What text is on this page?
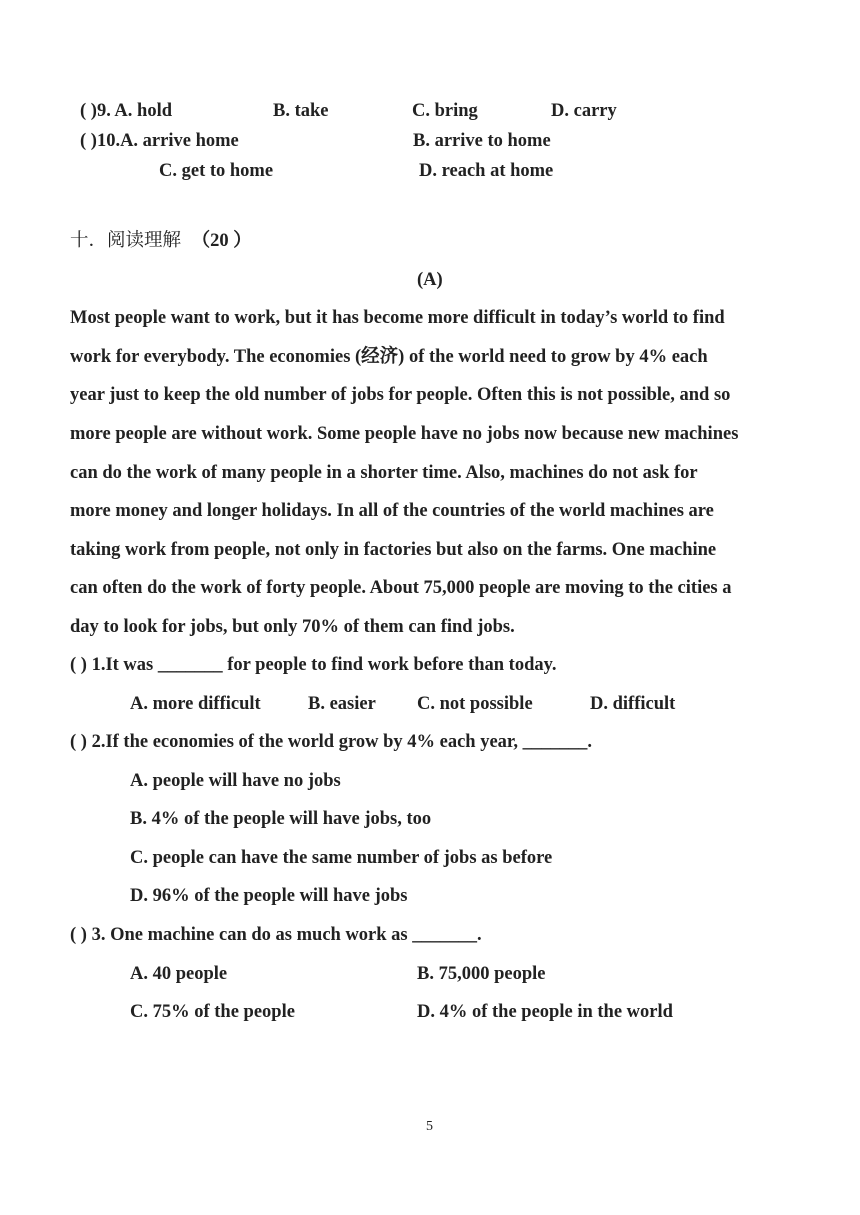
( )9. A. hold	B. take	C. bring	D. carry
( )10.A. arrive home	B. arrive to home
C. get to home	D. reach at home
十．阅读理解 （20 ）
(A)
Most people want to work, but it has become more difficult in today’s world to find
work for everybody. The economies (经济) of the world need to grow by 4% each
year just to keep the old number of jobs for people. Often this is not possible, and so
more people are without work. Some people have no jobs now because new machines
can do the work of many people in a shorter time. Also, machines do not ask for
more money and longer holidays. In all of the countries of the world machines are
taking work from people, not only in factories but also on the farms. One machine
can often do the work of forty people. About 75,000 people are moving to the cities a
day to look for jobs, but only 70% of them can find jobs.
( ) 1.It was _______ for people to find work before than today.
A. more difficult	B. easier C. not possible	D. difficult
( ) 2.If the economies of the world grow by 4% each year, _______.
A. people will have no jobs
B. 4% of the people will have jobs, too
C. people can have the same number of jobs as before
D. 96% of the people will have jobs
( ) 3. One machine can do as much work as _______.
A. 40 people	B. 75,000 people
C. 75% of the people	D. 4% of the people in the world
5
